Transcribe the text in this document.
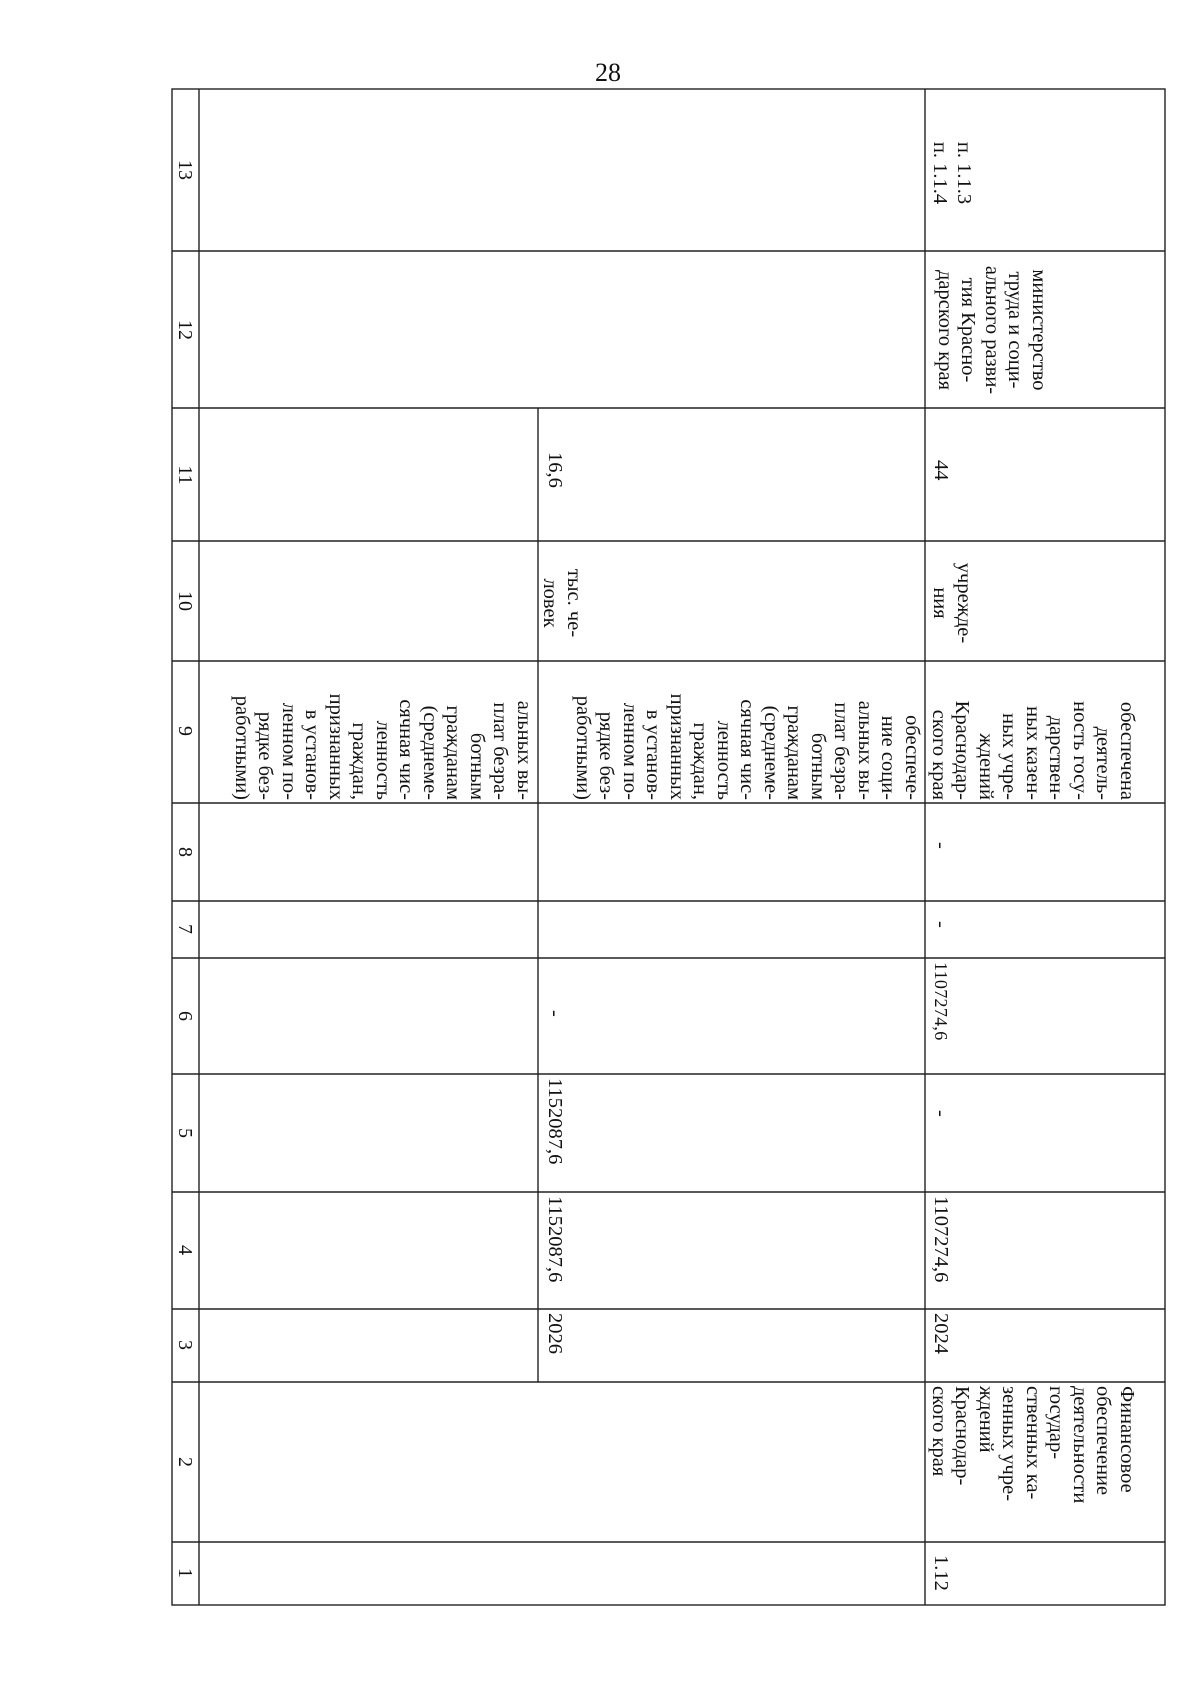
28
13
12
11
10
9
8
7
6
5
4
3
2
1
альных вы-
плат безра-
ботным
гражданам
(среднеме-
сячная чис-
ленность
граждан,
признанных
в установ-
ленном по-
рядке без-
работными)
2026
1152087,6
1152087,6
-
обеспече-
ние соци-
альных вы-
плат безра-
ботным
гражданам
(среднеме-
сячная чис-
ленность
граждан,
признанных
в установ-
ленном по-
рядке без-
работными)
тыс. че-
ловек
16,6
1.12
Финансовое
обеспечение
деятельности
государ-
ственных ка-
зенных учре-
ждений
Краснодар-
ского края
2024
1107274,6
-
1107274,6
-
-
обеспечена
деятель-
ность госу-
дарствен-
ных казен-
ных учре-
ждений
Краснодар-
ского края
учрежде-
ния
44
министерство
труда и соци-
ального разви-
тия Красно-
дарского края
п. 1.1.3
п. 1.1.4
